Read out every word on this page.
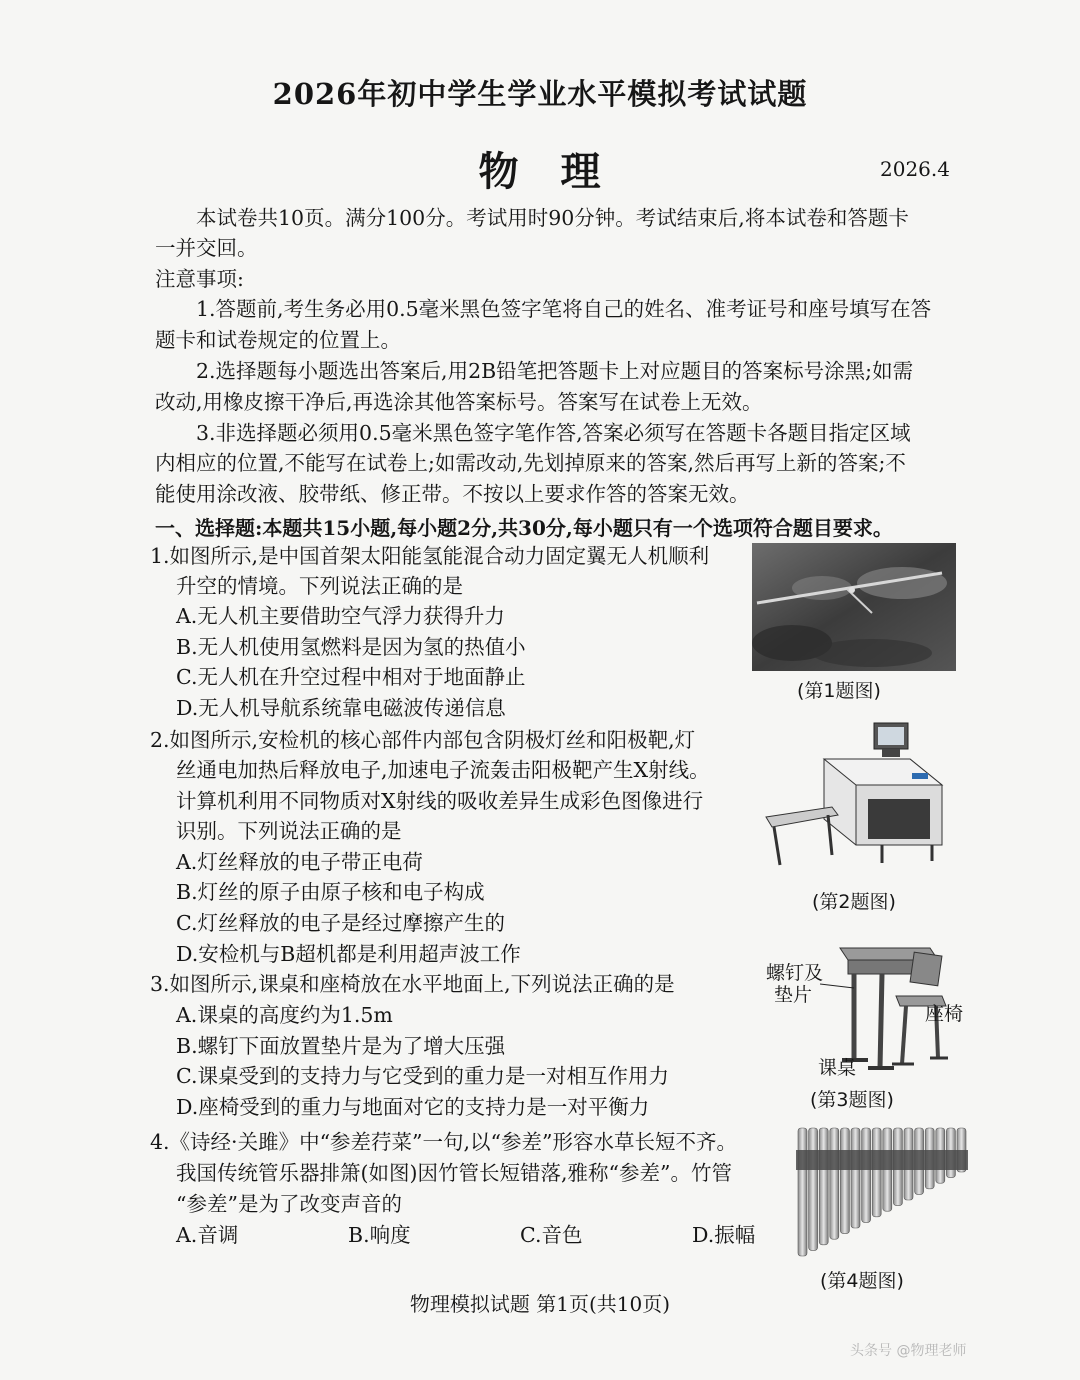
2026年初中学生学业水平模拟考试试题
物　理	2026.4
本试卷共10页。满分100分。考试用时90分钟。考试结束后,将本试卷和答题卡
一并交回。
注意事项:
1.答题前,考生务必用0.5毫米黑色签字笔将自己的姓名、准考证号和座号填写在答
题卡和试卷规定的位置上。
2.选择题每小题选出答案后,用2B铅笔把答题卡上对应题目的答案标号涂黑;如需
改动,用橡皮擦干净后,再选涂其他答案标号。答案写在试卷上无效。
3.非选择题必须用0.5毫米黑色签字笔作答,答案必须写在答题卡各题目指定区域
内相应的位置,不能写在试卷上;如需改动,先划掉原来的答案,然后再写上新的答案;不
能使用涂改液、胶带纸、修正带。不按以上要求作答的答案无效。
一、选择题:本题共15小题,每小题2分,共30分,每小题只有一个选项符合题目要求。
1.如图所示,是中国首架太阳能氢能混合动力固定翼无人机顺利
升空的情境。下列说法正确的是
A.无人机主要借助空气浮力获得升力
B.无人机使用氢燃料是因为氢的热值小
C.无人机在升空过程中相对于地面静止
D.无人机导航系统靠电磁波传递信息
(第1题图)
2.如图所示,安检机的核心部件内部包含阴极灯丝和阳极靶,灯
丝通电加热后释放电子,加速电子流轰击阳极靶产生X射线。
计算机利用不同物质对X射线的吸收差异生成彩色图像进行
识别。下列说法正确的是
A.灯丝释放的电子带正电荷
B.灯丝的原子由原子核和电子构成
C.灯丝释放的电子是经过摩擦产生的
D.安检机与B超机都是利用超声波工作
(第2题图)
3.如图所示,课桌和座椅放在水平地面上,下列说法正确的是
A.课桌的高度约为1.5m
B.螺钉下面放置垫片是为了增大压强
C.课桌受到的支持力与它受到的重力是一对相互作用力
D.座椅受到的重力与地面对它的支持力是一对平衡力
螺钉及
垫片
座椅
课桌
(第3题图)
4.《诗经·关雎》中“参差荇菜”一句,以“参差”形容水草长短不齐。
我国传统管乐器排箫(如图)因竹管长短错落,雅称“参差”。竹管
“参差”是为了改变声音的
A.音调	B.响度	C.音色	D.振幅
(第4题图)
物理模拟试题 第1页(共10页)
头条号 @物理老师
